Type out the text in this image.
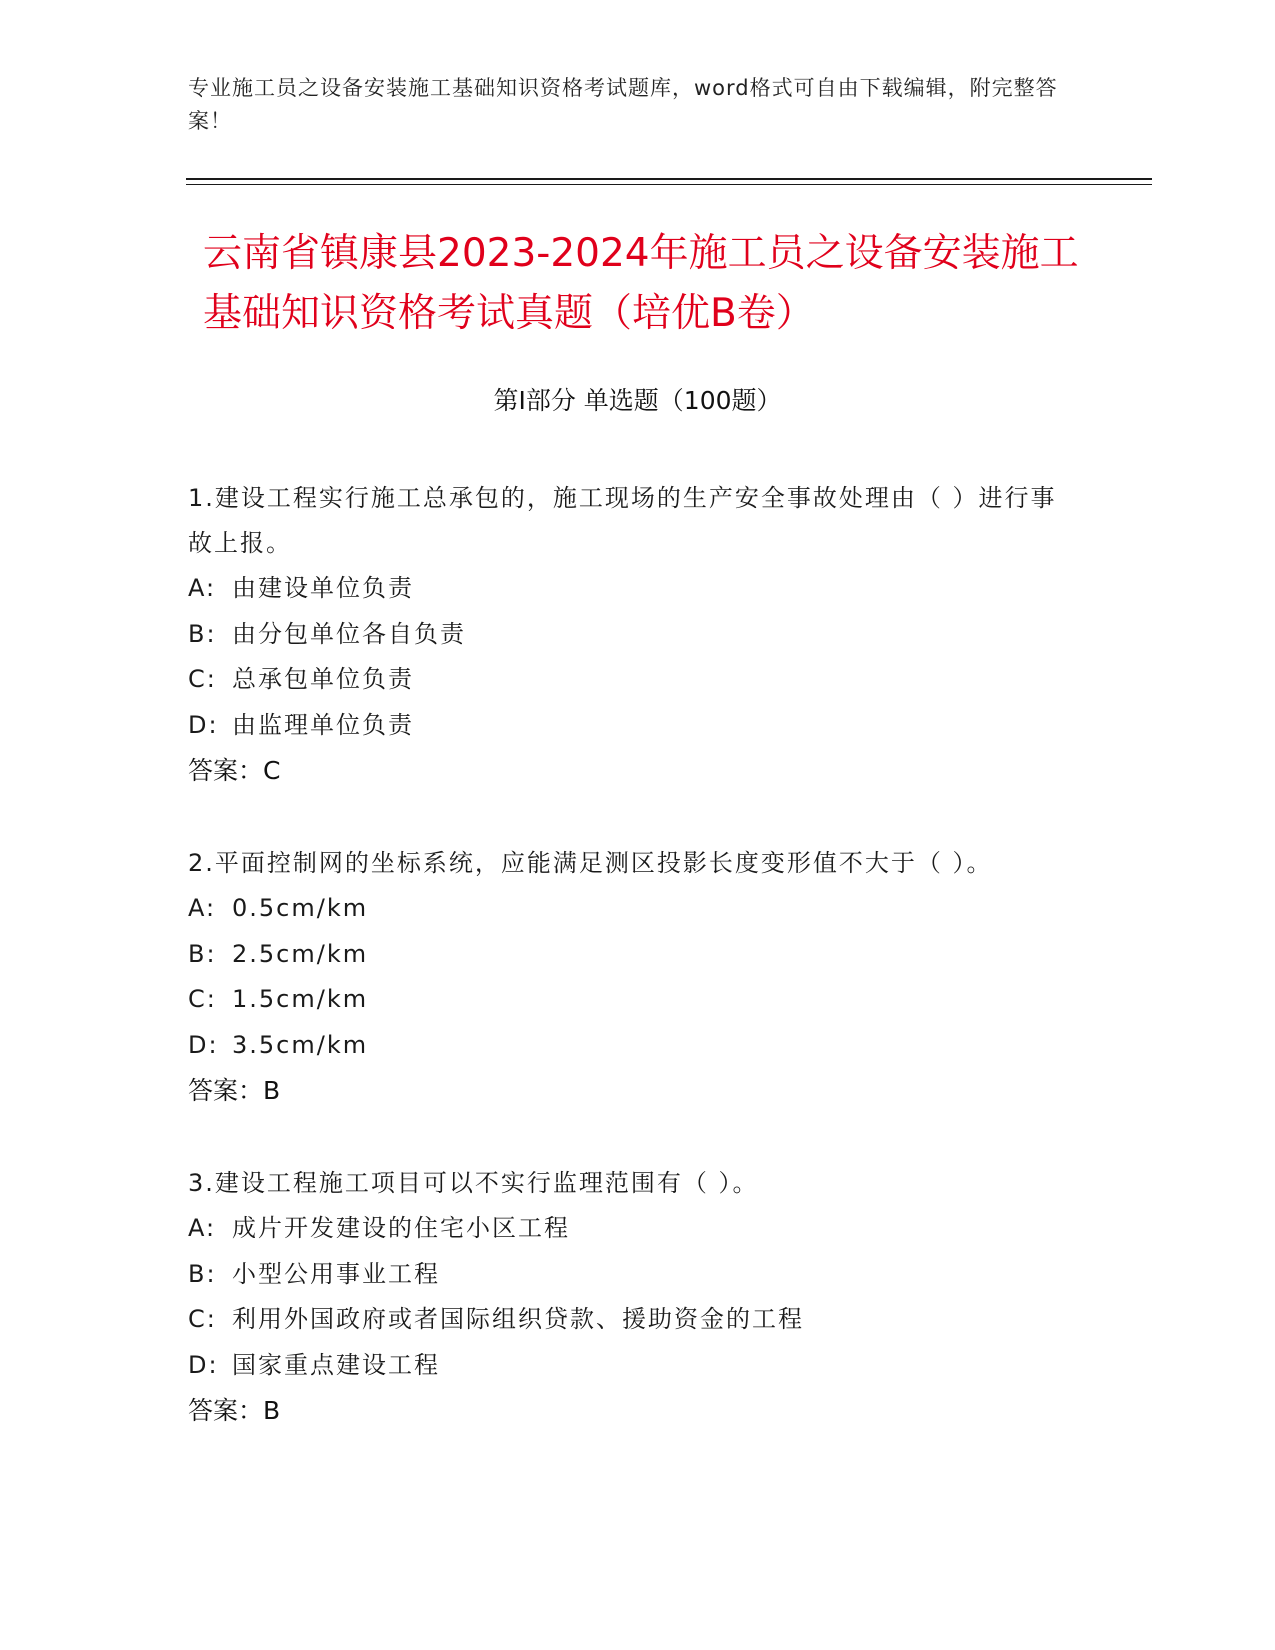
专业施工员之设备安装施工基础知识资格考试题库，word格式可自由下载编辑，附完整答案！
云南省镇康县2023-2024年施工员之设备安装施工基础知识资格考试真题（培优B卷）
第Ⅰ部分 单选题（100题）

1.建设工程实行施工总承包的，施工现场的生产安全事故处理由（ ）进行事故上报。

A: 由建设单位负责

B: 由分包单位各自负责

C: 总承包单位负责

D: 由监理单位负责

答案：C

2.平面控制网的坐标系统，应能满足测区投影长度变形值不大于（ ）。

A: 0.5cm/km

B: 2.5cm/km

C: 1.5cm/km

D: 3.5cm/km

答案：B

3.建设工程施工项目可以不实行监理范围有（ ）。

A: 成片开发建设的住宅小区工程

B: 小型公用事业工程

C: 利用外国政府或者国际组织贷款、援助资金的工程

D: 国家重点建设工程

答案：B
